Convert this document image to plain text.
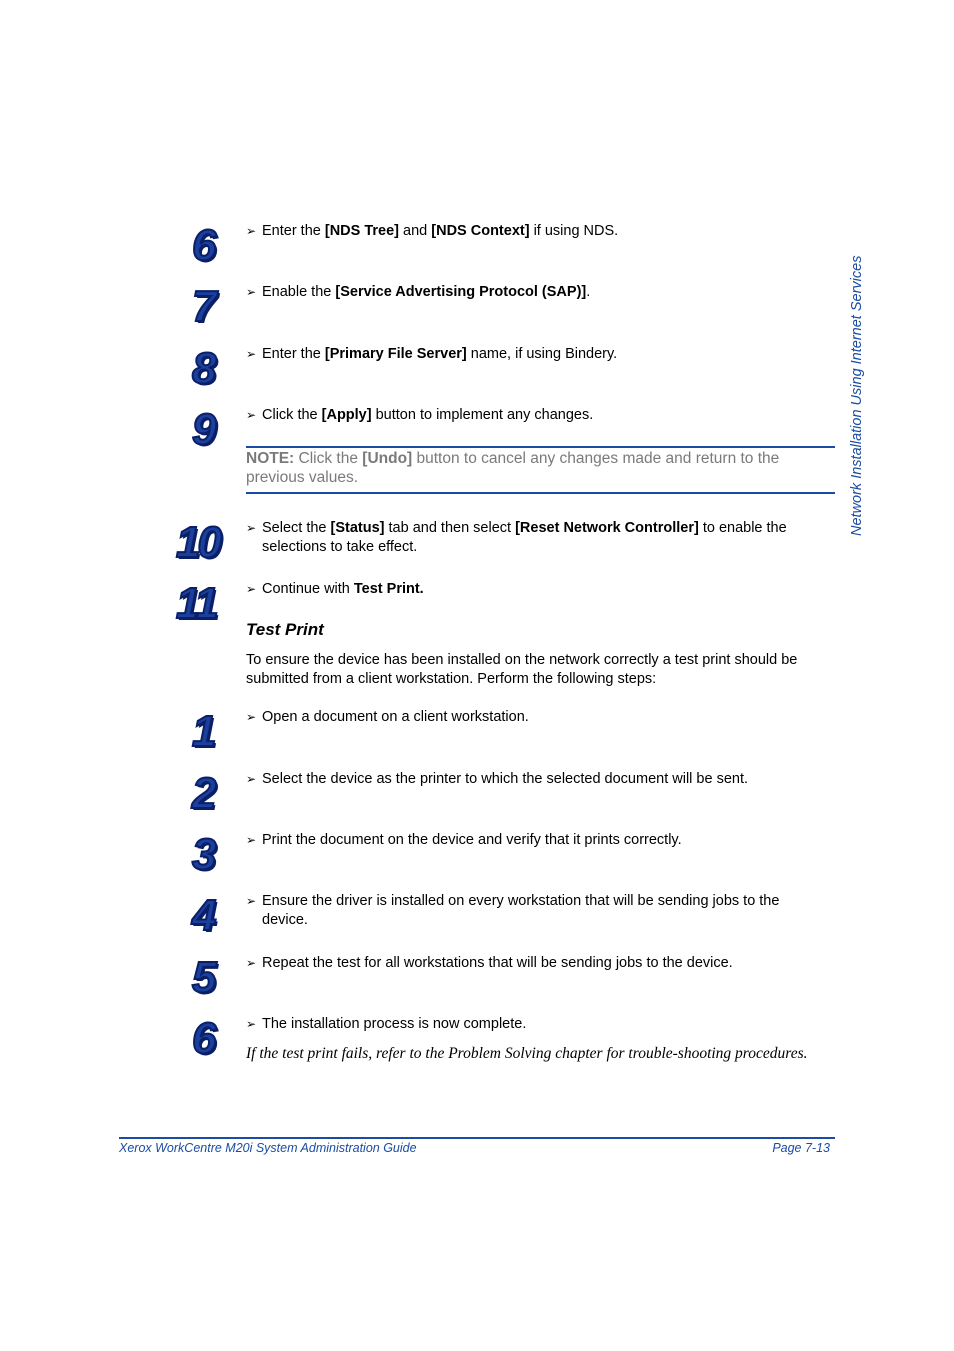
6	➢ Enter the [NDS Tree] and [NDS Context] if using NDS.
7	➢ Enable the [Service Advertising Protocol (SAP)].
8	➢ Enter the [Primary File Server] name, if using Bindery.
9	➢ Click the [Apply] button to implement any changes.
NOTE: Click the [Undo] button to cancel any changes made and return to the previous values.
10 ➢ Select the [Status] tab and then select [Reset Network Controller] to enable the selections to take effect.
11	➢ Continue with Test Print.
Test Print
To ensure the device has been installed on the network correctly a test print should be submitted from a client workstation. Perform the following steps:
1	➢ Open a document on a client workstation.
2	➢ Select the device as the printer to which the selected document will be sent.
3	➢ Print the document on the device and verify that it prints correctly.
4	➢ Ensure the driver is installed on every workstation that will be sending jobs to the device.
5	➢ Repeat the test for all workstations that will be sending jobs to the device.
6	➢ The installation process is now complete.
If the test print fails, refer to the Problem Solving chapter for trouble-shooting procedures.
Network Installation Using Internet Services
Xerox WorkCentre M20i System Administration Guide	Page 7-13
